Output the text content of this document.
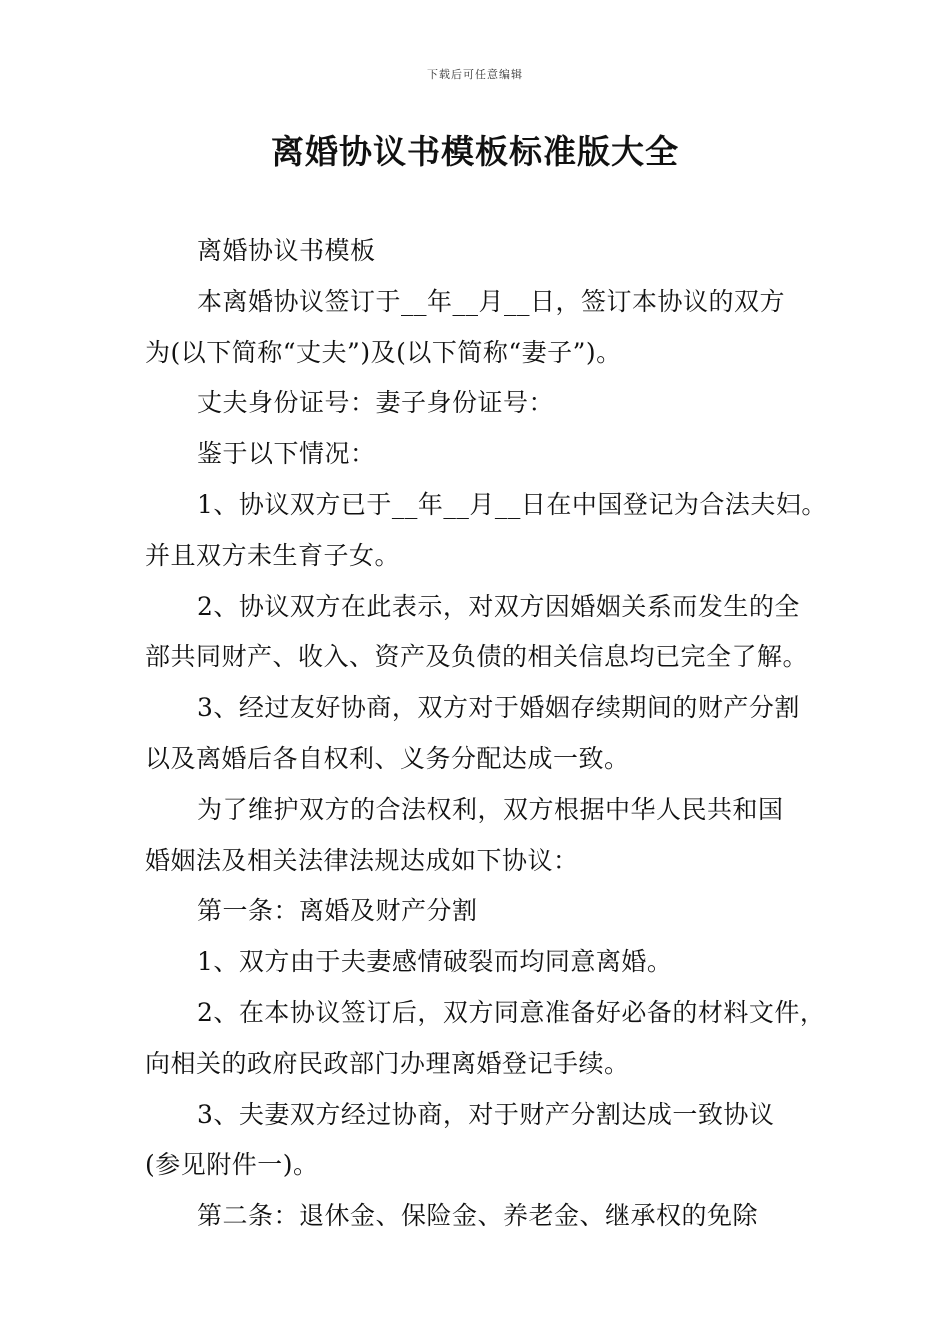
下载后可任意编辑
离婚协议书模板标准版大全

离婚协议书模板

本离婚协议签订于__年__月__日，签订本协议的双方
为(以下简称“丈夫”)及(以下简称“妻子”)。

丈夫身份证号：妻子身份证号：

鉴于以下情况：

1、协议双方已于__年__月__日在中国登记为合法夫妇。
并且双方未生育子女。

2、协议双方在此表示，对双方因婚姻关系而发生的全
部共同财产、收入、资产及负债的相关信息均已完全了解。

3、经过友好协商，双方对于婚姻存续期间的财产分割
以及离婚后各自权利、义务分配达成一致。

为了维护双方的合法权利，双方根据中华人民共和国
婚姻法及相关法律法规达成如下协议：

第一条：离婚及财产分割

1、双方由于夫妻感情破裂而均同意离婚。

2、在本协议签订后，双方同意准备好必备的材料文件，
向相关的政府民政部门办理离婚登记手续。

3、夫妻双方经过协商，对于财产分割达成一致协议
(参见附件一)。

第二条：退休金、保险金、养老金、继承权的免除
